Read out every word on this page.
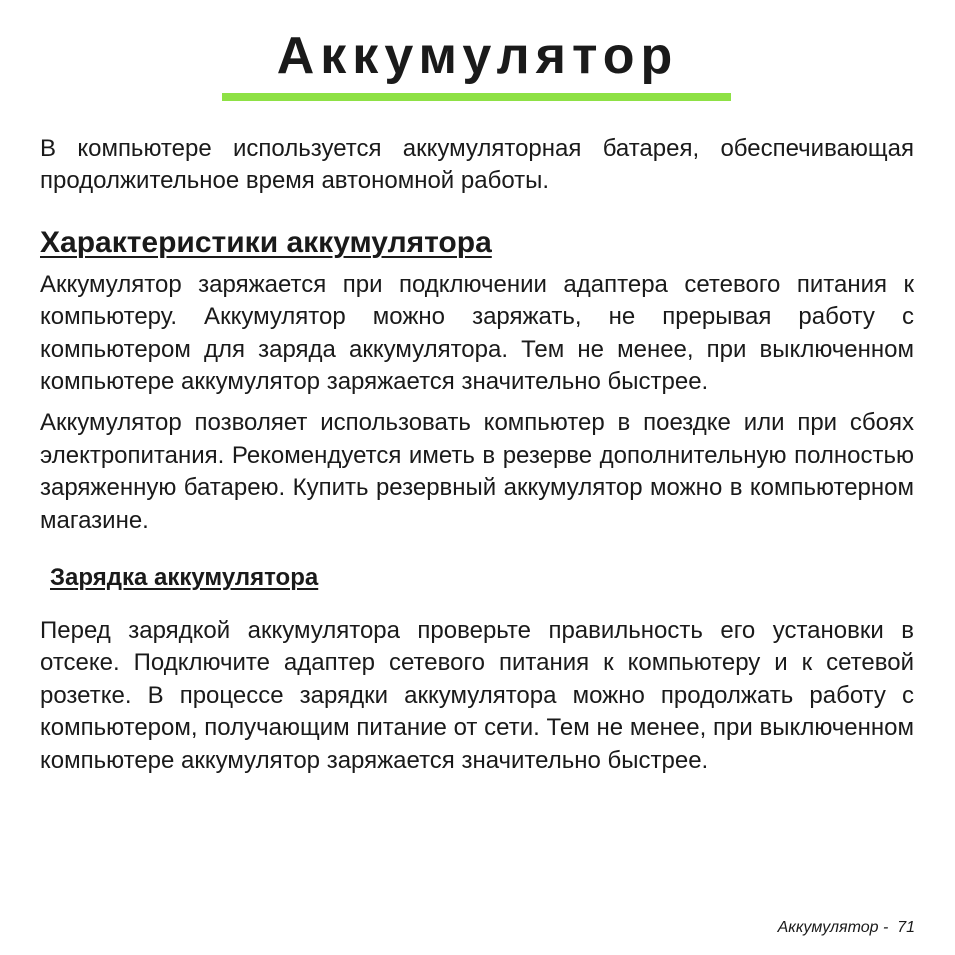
Аккумулятор

В компьютере используется аккумуляторная батарея, обеспечивающая продолжительное время автономной работы.

Характеристики аккумулятора

Аккумулятор заряжается при подключении адаптера сетевого питания к компьютеру. Аккумулятор можно заряжать, не прерывая работу с компьютером для заряда аккумулятора. Тем не менее, при выключенном компьютере аккумулятор заряжается значительно быстрее.

Аккумулятор позволяет использовать компьютер в поездке или при сбоях электропитания. Рекомендуется иметь в резерве дополнительную полностью заряженную батарею. Купить резервный аккумулятор можно в компьютерном магазине.

Зарядка аккумулятора

Перед зарядкой аккумулятора проверьте правильность его установки в отсеке. Подключите адаптер сетевого питания к компьютеру и к сетевой розетке. В процессе зарядки аккумулятора можно продолжать работу с компьютером, получающим питание от сети. Тем не менее, при выключенном компьютере аккумулятор заряжается значительно быстрее.

Аккумулятор -  71
